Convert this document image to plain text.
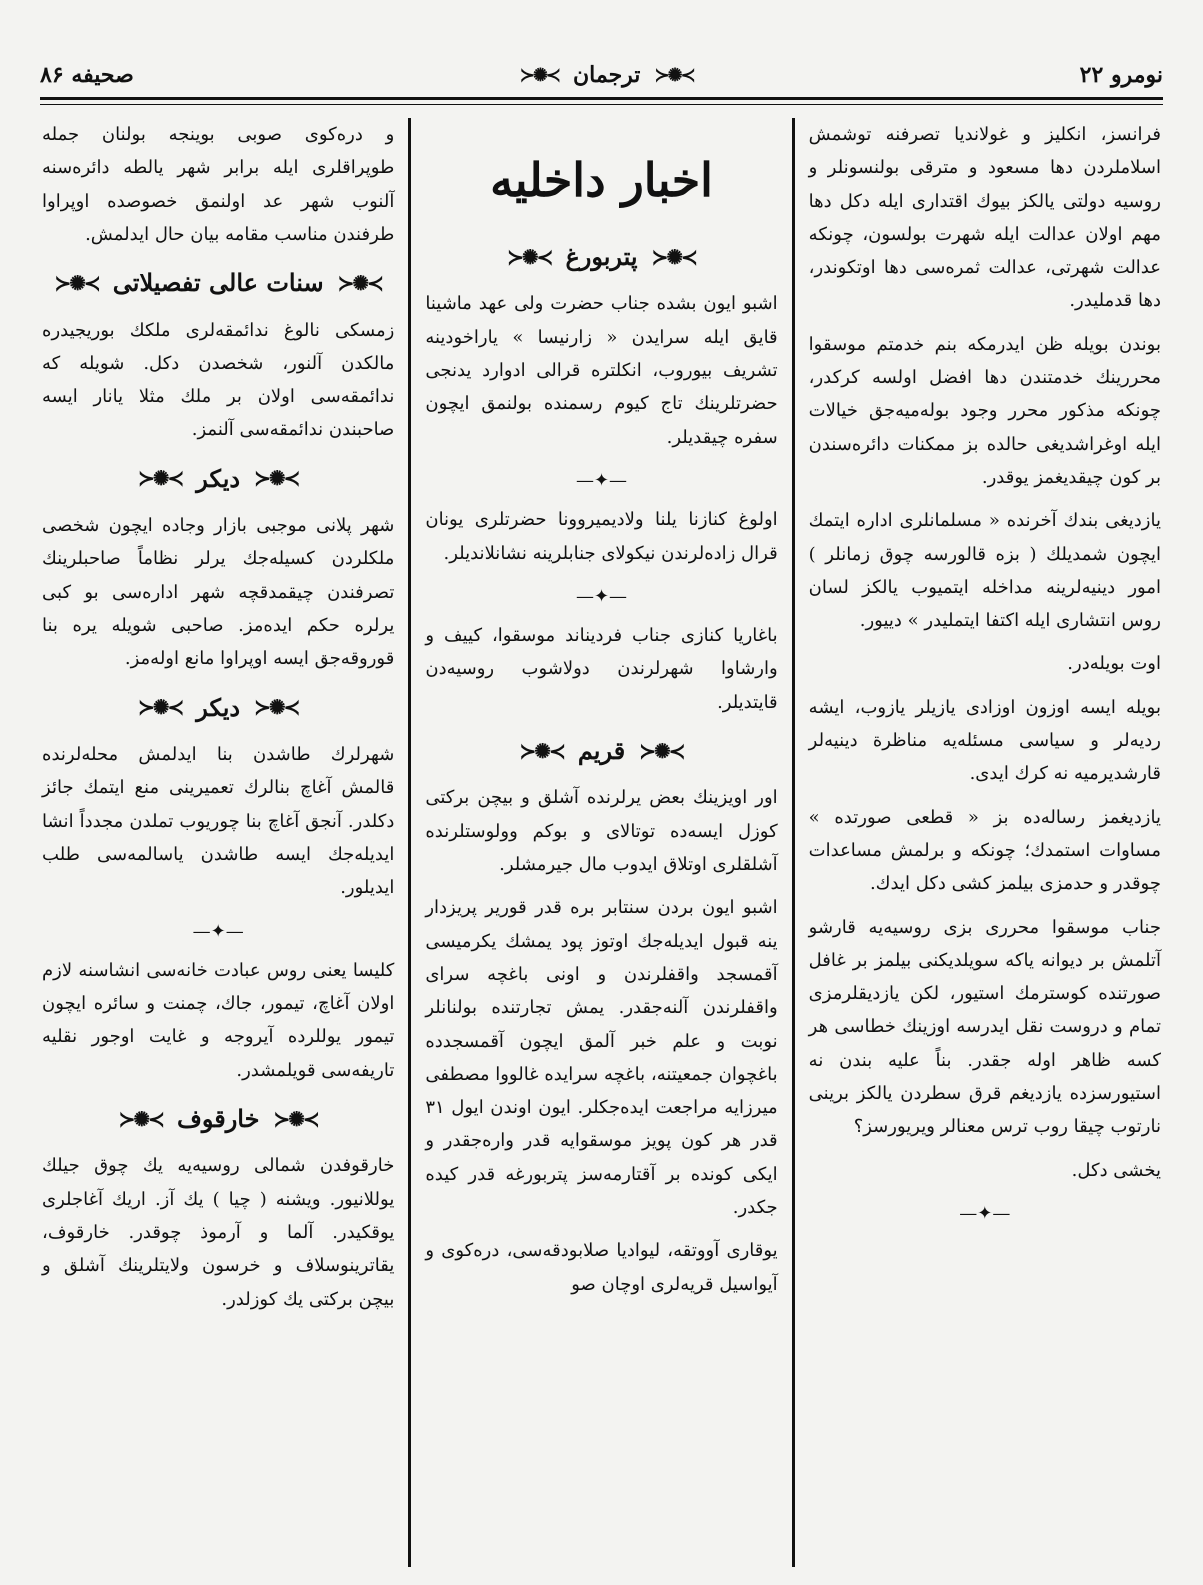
نومرو ۲۲
≻✺≺
ترجمان
≻✺≺
صحیفه ۸۶

فرانسز، انکلیز و غولاندیا تصرفنه توشمش اسلاملردن دها مسعود و مترقی بولنسونلر و روسیه دولتی یالکز بیوك اقتداری ایله دکل دها مهم اولان عدالت ایله شهرت بولسون، چونکه عدالت شهرتی، عدالت ثمرەسی دها اوتکوندر، دها قدملیدر.

بوندن بویله ظن ایدرمکه بنم خدمتم موسقوا محررینك خدمتندن دها افضل اولسه کرکدر، چونکه مذکور محرر وجود بولەمیەجق خیالات ایله اوغراشدیغی حالده بز ممکنات دائرەسندن بر کون چیقدیغمز یوقدر.

یازدیغی بندك آخرنده « مسلمانلری اداره ایتمك ایچون شمدیلك ( بزه قالورسه چوق زمانلر ) امور دینیەلرینه مداخله ایتمیوب یالکز لسان روس انتشاری ایله اکتفا ایتملیدر » دییور.

اوت بویلەدر.

بویله ایسه اوزون اوزادی یازیلر یازوب، ایشه ردیەلر و سیاسی مسئلەیه مناظرة دینیەلر قارشدیرمیه نه کرك ایدی.

یازدیغمز رسالەده بز « قطعی صورتده » مساوات استمدك؛ چونکه و برلمش مساعدات چوقدر و حدمزی بیلمز کشی دکل ایدك.

جناب موسقوا محرری بزی روسیەیه قارشو آتلمش بر دیوانه یاکه سویلدیکنی بیلمز بر غافل صورتنده کوسترمك استیور، لکن یازدیقلرمزی تمام و دروست نقل ایدرسه اوزینك خطاسی هر کسه ظاهر اوله جقدر. بناً علیه بندن نه استیورسزده یازدیغم قرق سطردن یالکز برینی نارتوب چیقا روب ترس معنالر ویریورسز؟

یخشی دکل.

—✦—
اخبار داخلیه
≻✺≺
پتربورغ
≻✺≺

اشبو ایون بشده جناب حضرت ولی عهد ماشینا قایق ایله سرایدن « زارنیسا » یاراخودینه تشریف بیوروب، انکلتره قرالی ادوارد یدنجی حضرتلرینك تاج کیوم رسمنده بولنمق ایچون سفره چیقدیلر.

—✦—

اولوغ کنازنا یلنا ولادیمیروونا حضرتلری یونان قرال زادەلرندن نیکولای جنابلرینه نشانلاندیلر.

—✦—

باغاریا کنازی جناب فردیناند موسقوا، کییف و وارشاوا شهرلرندن دولاشوب روسیەدن قایتدیلر.

≻✺≺
قریم
≻✺≺

اور اویزینك بعض یرلرنده آشلق و بیچن برکتی کوزل ایسەده توتالای و بوکم وولوستلرنده آشلقلری اوتلاق ایدوب مال جیرمشلر.

اشبو ایون بردن سنتابر بره قدر قوریر پریزدار ینه قبول ایدیلەجك اوتوز پود یمشك یکرمیسی آقمسجد واقفلرندن و اونی باغچه سرای واقفلرندن آلنەجقدر. یمش تجارتنده بولنانلر نوبت و علم خبر آلمق ایچون آقمسجدده باغچوان جمعیتنه، باغچه سرایده غالووا مصطفی میرزایه مراجعت ایدەجکلر. ایون اوندن ایول ۳۱ قدر هر کون پویز موسقوایه قدر وارەجقدر و ایکی کونده بر آقتارمەسز پتربورغه قدر کیده جکدر.

یوقاری آووتقه، لیوادیا صلابودقەسی، دره‌کوی و آیواسیل قریەلری اوچان صو

و دره‌کوی صوبی بوینجه بولنان جمله طوپراقلری ایله برابر شهر یالطه دائرەسنه آلنوب شهر عد اولنمق خصوصده اوپراوا طرفندن مناسب مقامه بیان حال ایدلمش.

≻✺≺
سنات عالی تفصیلاتی
≻✺≺

زمسکی نالوغ ندائمقەلری ملکك بوریجیدره مالکدن آلنور، شخصدن دکل. شویله که ندائمقەسی اولان بر ملك مثلا یانار ایسه صاحبندن ندائمقەسی آلنمز.

≻✺≺
دیکر
≻✺≺

شهر پلانی موجبی بازار وجاده ایچون شخصی ملکلردن کسیلەجك یرلر نظاماً صاحبلرینك تصرفندن چیقمدقچه شهر ادارەسی بو کبی یرلره حکم ایدەمز. صاحبی شویله یره بنا قوروقەجق ایسه اوپراوا مانع اولەمز.

≻✺≺
دیکر
≻✺≺

شهرلرك طاشدن بنا ایدلمش محلەلرنده قالمش آغاچ بنالرك تعمیرینی منع ایتمك جائز دکلدر. آنجق آغاچ بنا چوریوب تملدن مجدداً انشا ایدیلەجك ایسه طاشدن یاسالمەسی طلب ایدیلور.

—✦—

کلیسا یعنی روس عبادت خانەسی انشاسنه لازم اولان آغاچ، تیمور، جاك، چمنت و سائره ایچون تیمور یوللرده آیروجه و غایت اوجور نقلیه تاریفەسی قویلمشدر.

≻✺≺
خارقوف
≻✺≺

خارقوفدن شمالی روسیەیه یك چوق جیلك یوللانیور. ویشنه ( چیا ) یك آز. اریك آغاجلری یوقکیدر. آلما و آرموذ چوقدر. خارقوف، یقاترینوسلاف و خرسون ولایتلرینك آشلق و بیچن برکتی یك کوزلدر.
